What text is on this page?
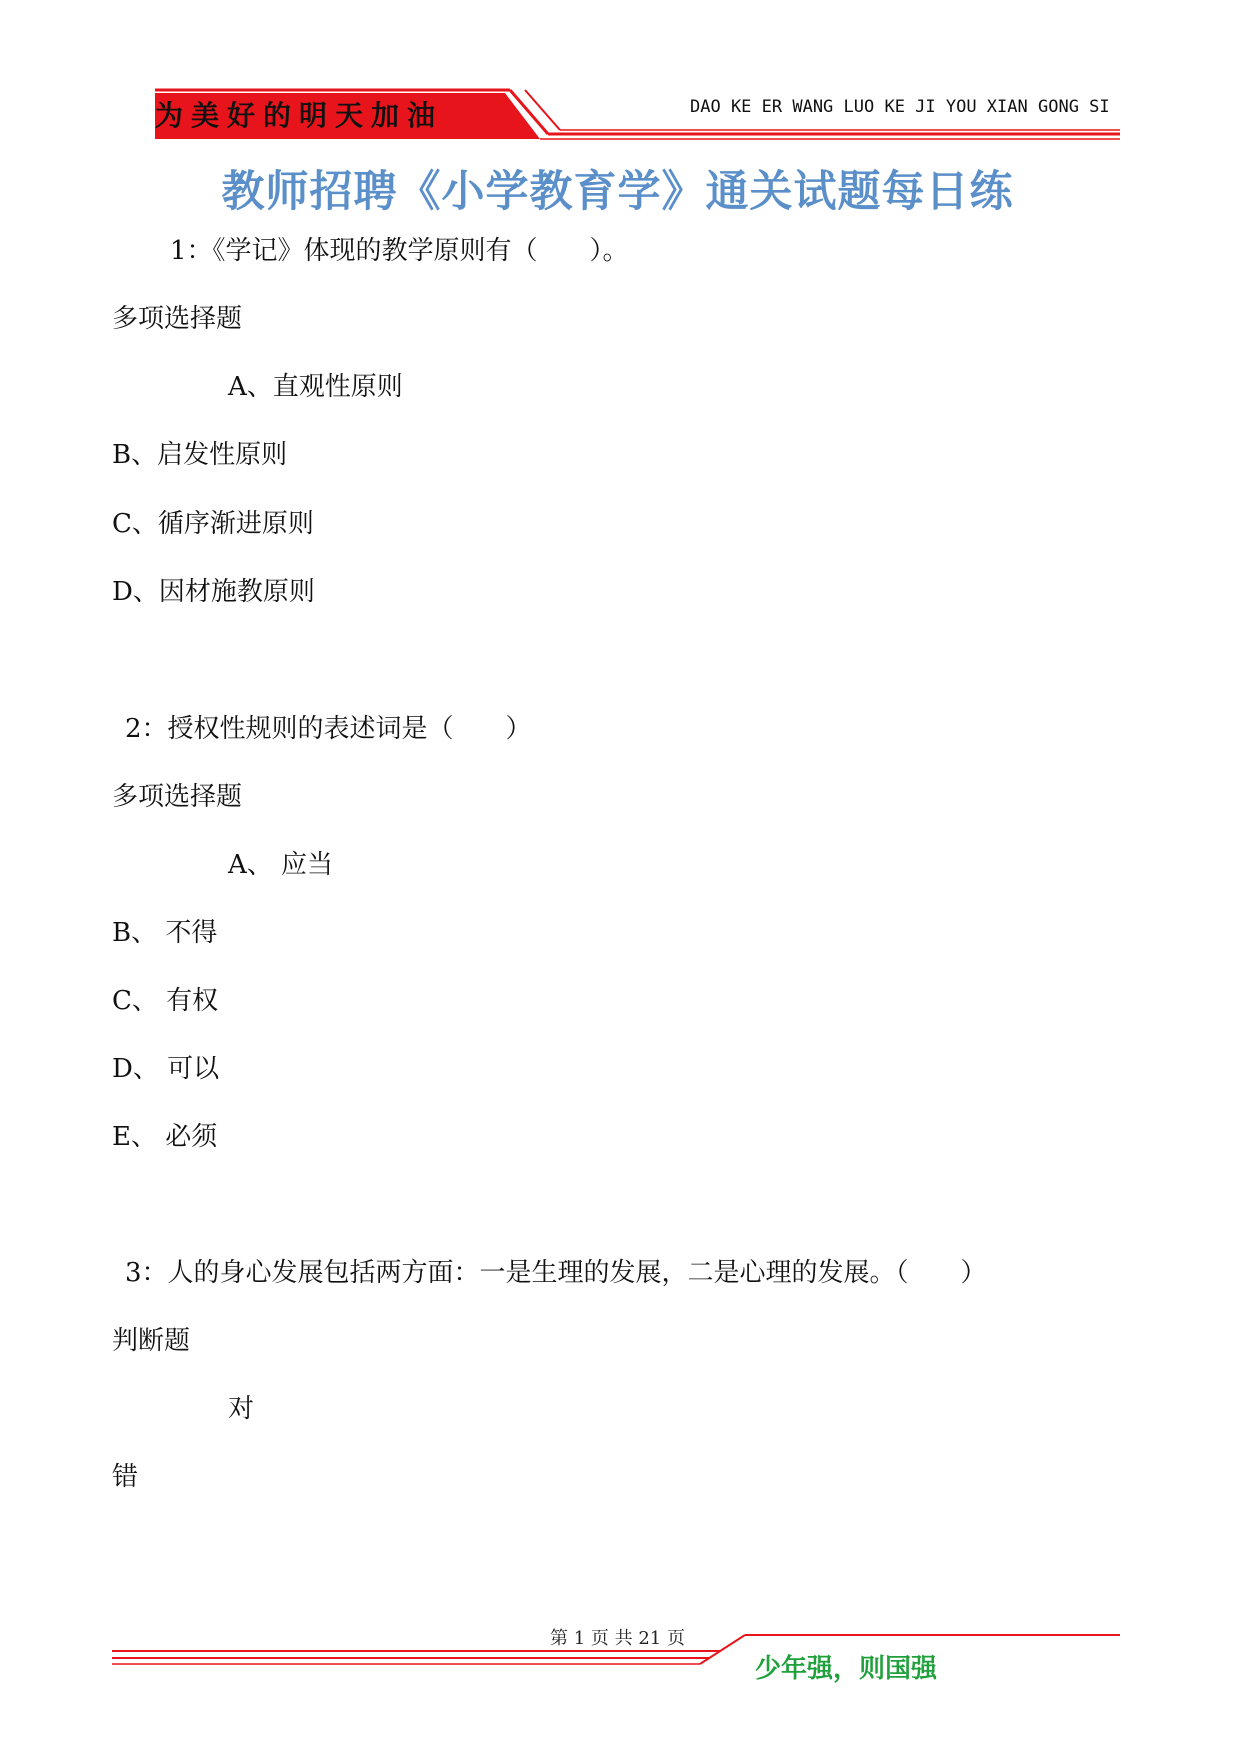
为美好的明天加油	DAO KE ER WANG LUO KE JI YOU XIAN GONG SI
教师招聘《小学教育学》通关试题每日练
1：《学记》体现的教学原则有（　　）。
多项选择题
A、直观性原则
B、启发性原则
C、循序渐进原则
D、因材施教原则
2：授权性规则的表述词是（　　）
多项选择题
A、 应当
B、 不得
C、 有权
D、 可以
E、 必须
3：人的身心发展包括两方面：一是生理的发展，二是心理的发展。（　　）
判断题
对
错
第 1 页 共 21 页
少年强，则国强
